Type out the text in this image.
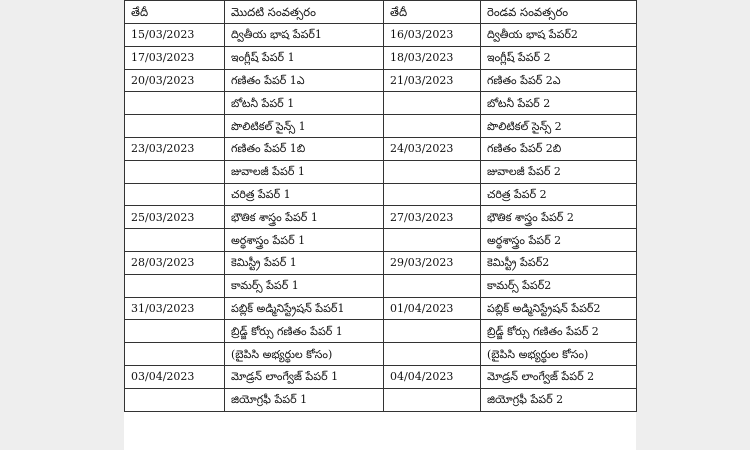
తేదీ	మొదటి సంవత్సరం	తేదీ	రెండవ సంవత్సరం
15/03/2023	ద్వితీయ భాష పేపర్1	16/03/2023	ద్వితీయ భాష పేపర్2
17/03/2023	ఇంగ్లీష్ పేపర్ 1	18/03/2023	ఇంగ్లీష్ పేపర్ 2
20/03/2023	గణితం పేపర్ 1ఎ	21/03/2023	గణితం పేపర్ 2ఎ
	బోటనీ పేపర్ 1		బోటనీ పేపర్ 2
	పొలిటికల్ సైన్స్ 1		పొలిటికల్ సైన్స్ 2
23/03/2023	గణితం పేపర్ 1బి	24/03/2023	గణితం పేపర్ 2బి
	జువాలజీ పేపర్ 1		జువాలజీ పేపర్ 2
	చరిత్ర పేపర్ 1		చరిత్ర పేపర్ 2
25/03/2023	భౌతిక శాస్త్రం పేపర్ 1	27/03/2023	భౌతిక శాస్త్రం పేపర్ 2
	అర్థశాస్త్రం పేపర్ 1		అర్థశాస్త్రం పేపర్ 2
28/03/2023	కెమిస్ట్రీ పేపర్ 1	29/03/2023	కెమిస్ట్రీ పేపర్2
	కామర్స్ పేపర్ 1		కామర్స్ పేపర్2
31/03/2023	పబ్లిక్ అడ్మినిస్ట్రేషన్ పేపర్1	01/04/2023	పబ్లిక్ అడ్మినిస్ట్రేషన్ పేపర్2
	బ్రిడ్జ్ కోర్సు గణితం పేపర్ 1		బ్రిడ్జ్ కోర్సు గణితం పేపర్ 2
	(బైపిసి అభ్యర్థుల కోసం)		(బైపిసి అభ్యర్థుల కోసం)
03/04/2023	మోడ్రన్ లాంగ్వేజ్ పేపర్ 1	04/04/2023	మోడ్రన్ లాంగ్వేజ్ పేపర్ 2
	జియోగ్రఫీ పేపర్ 1		జియోగ్రఫీ పేపర్ 2
